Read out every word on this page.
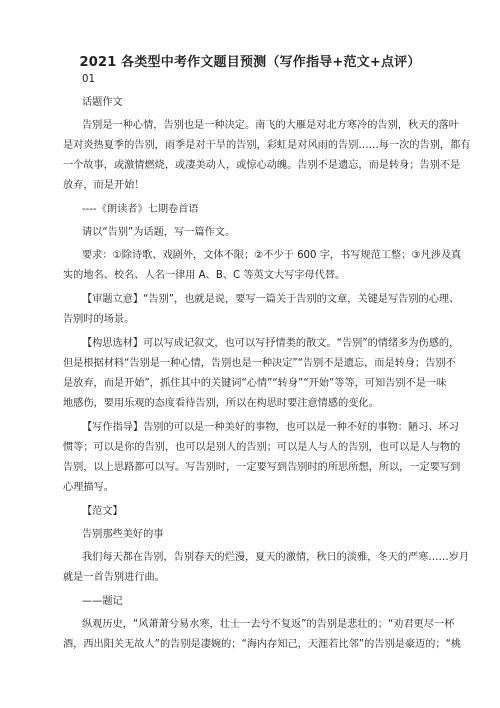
2021 各类型中考作文题目预测（写作指导+范文+点评）
01
话题作文
告别是一种心情，告别也是一种决定。南飞的大雁是对北方寒冷的告别，秋天的落叶
是对炎热夏季的告别，雨季是对干旱的告别，彩虹是对风雨的告别……每一次的告别，都有
一个故事，或激情燃烧，或凄美动人，或惊心动魄。告别不是遗忘，而是转身；告别不是
放弃，而是开始！
----《朗读者》七期卷首语
请以“告别”为话题，写一篇作文。
要求：①除诗歌、戏剧外，文体不限；②不少于 600 字，书写规范工整；③凡涉及真
实的地名、校名、人名一律用 A、B、C 等英文大写字母代替。
【审题立意】“告别”，也就是说，要写一篇关于告别的文章，关键是写告别的心理、
告别时的场景。
【构思选材】可以写成记叙文，也可以写抒情类的散文。“告别”的情绪多为伤感的，
但是根据材料“告别是一种心情，告别也是一种决定”“告别不是遗忘，而是转身；告别不
是放弃，而是开始”，抓住其中的关键词“心情”“转身”“开始”等等，可知告别不是一味
地感伤，要用乐观的态度看待告别，所以在构思时要注意情感的变化。
【写作指导】告别的可以是一种美好的事物，也可以是一种不好的事物：陋习、坏习
惯等；可以是你的告别，也可以是别人的告别；可以是人与人的告别，也可以是人与物的
告别，以上思路都可以写。写告别时，一定要写到告别时的所思所想，所以，一定要写到
心理描写。
【范文】
告别那些美好的事
我们每天都在告别，告别春天的烂漫，夏天的激情，秋日的淡雅，冬天的严寒……岁月
就是一首告别进行曲。
——题记
纵观历史，“风萧萧兮易水寒，壮士一去兮不复返”的告别是悲壮的；“劝君更尽一杯
酒，西出阳关无故人”的告别是凄婉的；“海内存知己，天涯若比邻”的告别是豪迈的；“桃
